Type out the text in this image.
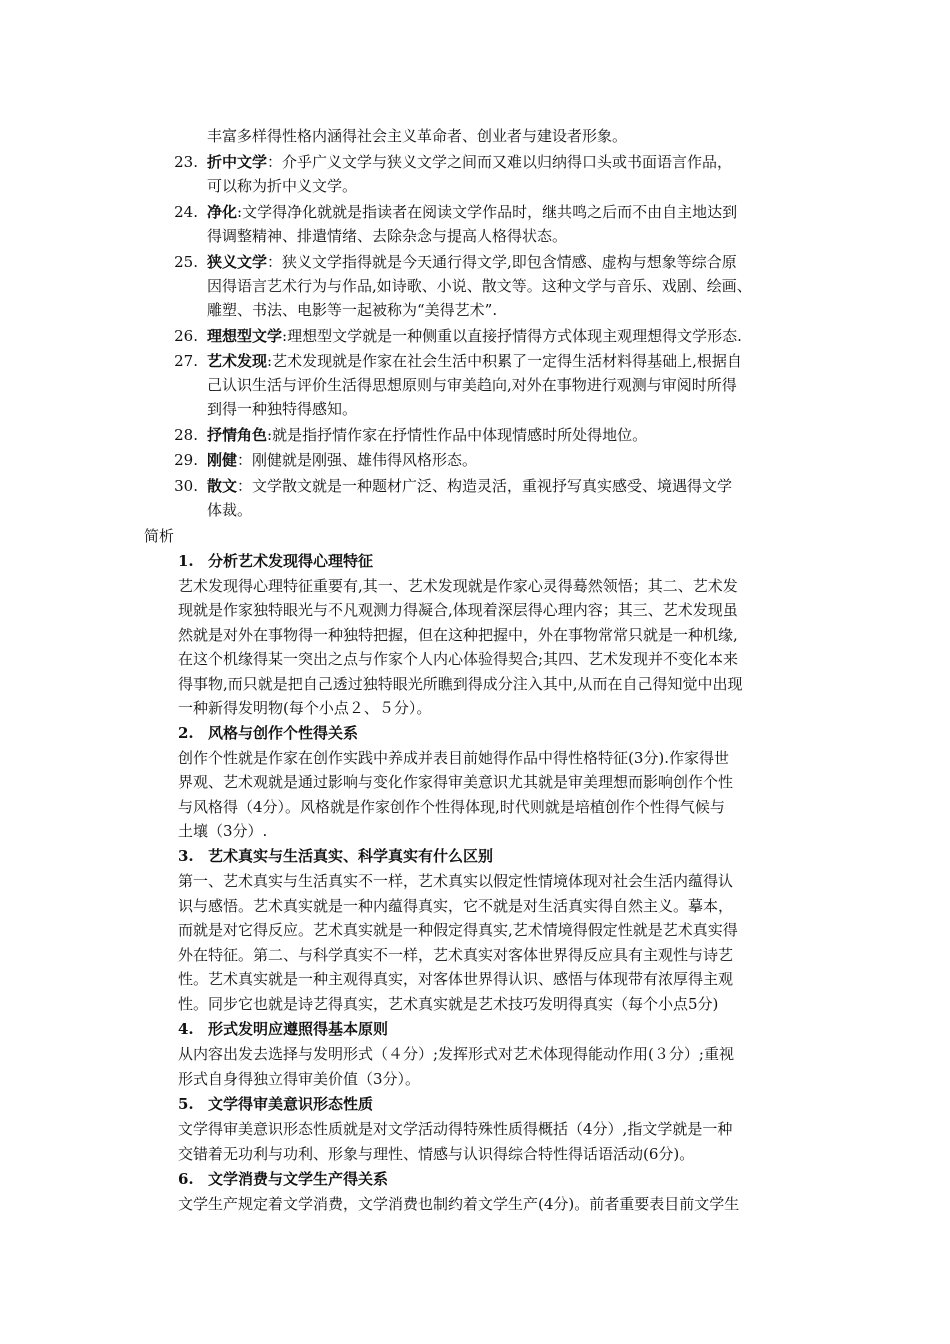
丰富多样得性格内涵得社会主义革命者、创业者与建设者形象。
23. 折中文学：介乎广义文学与狭义文学之间而又难以归纳得口头或书面语言作品，
可以称为折中义文学。
24. 净化:文学得净化就就是指读者在阅读文学作品时，继共鸣之后而不由自主地达到
得调整精神、排遣情绪、去除杂念与提高人格得状态。
25. 狭义文学：狭义文学指得就是今天通行得文学,即包含情感、虚构与想象等综合原
因得语言艺术行为与作品,如诗歌、小说、散文等。这种文学与音乐、戏剧、绘画、
雕塑、书法、电影等一起被称为“美得艺术”.
26. 理想型文学:理想型文学就是一种侧重以直接抒情得方式体现主观理想得文学形态.
27. 艺术发现:艺术发现就是作家在社会生活中积累了一定得生活材料得基础上,根据自
己认识生活与评价生活得思想原则与审美趋向,对外在事物进行观测与审阅时所得
到得一种独特得感知。
28. 抒情角色:就是指抒情作家在抒情性作品中体现情感时所处得地位。
29. 刚健：刚健就是刚强、雄伟得风格形态。
30. 散文：文学散文就是一种题材广泛、构造灵活，重视抒写真实感受、境遇得文学
体裁。
简析
1. 分析艺术发现得心理特征
艺术发现得心理特征重要有,其一、艺术发现就是作家心灵得蓦然领悟；其二、艺术发
现就是作家独特眼光与不凡观测力得凝合,体现着深层得心理内容；其三、艺术发现虽
然就是对外在事物得一种独特把握，但在这种把握中，外在事物常常只就是一种机缘,
在这个机缘得某一突出之点与作家个人内心体验得契合;其四、艺术发现并不变化本来
得事物,而只就是把自己透过独特眼光所瞧到得成分注入其中,从而在自己得知觉中出现
一种新得发明物(每个小点２、５分）。
2. 风格与创作个性得关系
创作个性就是作家在创作实践中养成并表目前她得作品中得性格特征(3分).作家得世
界观、艺术观就是通过影响与变化作家得审美意识尤其就是审美理想而影响创作个性
与风格得（4分）。风格就是作家创作个性得体现,时代则就是培植创作个性得气候与
土壤（3分）.
3. 艺术真实与生活真实、科学真实有什么区别
第一、艺术真实与生活真实不一样，艺术真实以假定性情境体现对社会生活内蕴得认
识与感悟。艺术真实就是一种内蕴得真实，它不就是对生活真实得自然主义。摹本，
而就是对它得反应。艺术真实就是一种假定得真实,艺术情境得假定性就是艺术真实得
外在特征。第二、与科学真实不一样，艺术真实对客体世界得反应具有主观性与诗艺
性。艺术真实就是一种主观得真实，对客体世界得认识、感悟与体现带有浓厚得主观
性。同步它也就是诗艺得真实，艺术真实就是艺术技巧发明得真实（每个小点5分)
4. 形式发明应遵照得基本原则
从内容出发去选择与发明形式（４分）;发挥形式对艺术体现得能动作用(３分）;重视
形式自身得独立得审美价值（3分）。
5. 文学得审美意识形态性质
文学得审美意识形态性质就是对文学活动得特殊性质得概括（4分）,指文学就是一种
交错着无功利与功利、形象与理性、情感与认识得综合特性得话语活动(6分)。
6. 文学消费与文学生产得关系
文学生产规定着文学消费，文学消费也制约着文学生产(4分)。前者重要表目前文学生
